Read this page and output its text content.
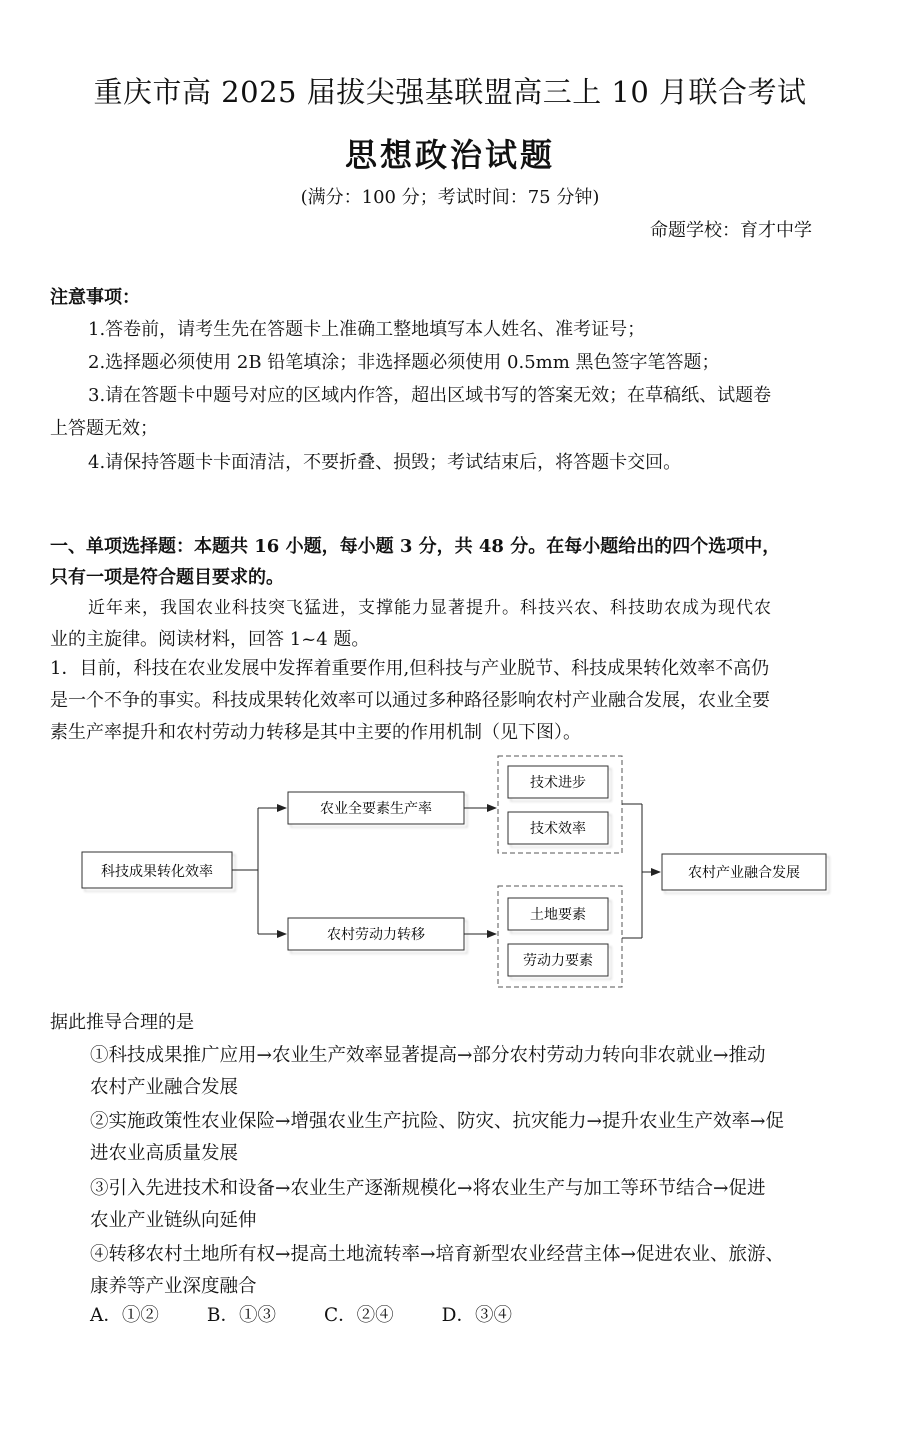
重庆市高 2025 届拔尖强基联盟高三上 10 月联合考试
思想政治试题
(满分：100 分；考试时间：75 分钟)
命题学校：育才中学
注意事项：
1.答卷前，请考生先在答题卡上准确工整地填写本人姓名、准考证号；
2.选择题必须使用 2B 铅笔填涂；非选择题必须使用 0.5mm 黑色签字笔答题；
3.请在答题卡中题号对应的区域内作答，超出区域书写的答案无效；在草稿纸、试题卷
上答题无效；
4.请保持答题卡卡面清洁，不要折叠、损毁；考试结束后，将答题卡交回。
一、单项选择题：本题共 16 小题，每小题 3 分，共 48 分。在每小题给出的四个选项中，
只有一项是符合题目要求的。
近年来，我国农业科技突飞猛进，支撑能力显著提升。科技兴农、科技助农成为现代农
业的主旋律。阅读材料，回答 1~4 题。
1．目前，科技在农业发展中发挥着重要作用,但科技与产业脱节、科技成果转化效率不高仍
是一个不争的事实。科技成果转化效率可以通过多种路径影响农村产业融合发展，农业全要
素生产率提升和农村劳动力转移是其中主要的作用机制（见下图）。
科技成果转化效率
农业全要素生产率
农村劳动力转移
技术进步
技术效率
土地要素
劳动力要素
农村产业融合发展
据此推导合理的是
①科技成果推广应用→农业生产效率显著提高→部分农村劳动力转向非农就业→推动
农村产业融合发展
②实施政策性农业保险→增强农业生产抗险、防灾、抗灾能力→提升农业生产效率→促
进农业高质量发展
③引入先进技术和设备→农业生产逐渐规模化→将农业生产与加工等环节结合→促进
农业产业链纵向延伸
④转移农村土地所有权→提高土地流转率→培育新型农业经营主体→促进农业、旅游、
康养等产业深度融合
A．①②	B．①③	C．②④	D．③④
